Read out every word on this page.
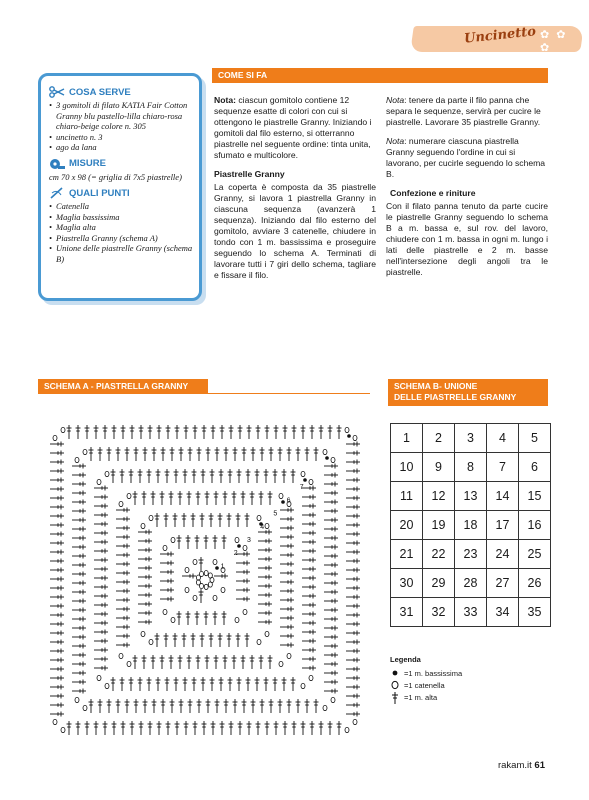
Uncinetto ✿ ✿ ✿
COSA SERVE
• 3 gomitoli di filato KATIA Fair Cotton Granny blu pastello-lilla chiaro-rosa chiaro-beige colore n. 305
• uncinetto n. 3
• ago da lana
MISURE
cm 70 x 98 (= griglia di 7x5 piastrelle)
QUALI PUNTI
• Catenella
• Maglia bassissima
• Maglia alta
• Piastrella Granny (schema A)
• Unione delle piastrelle Granny (schema B)
COME SI FA

Nota: ciascun gomitolo contiene 12 sequenze esatte di colori con cui si ottengono le piastrelle Granny. Iniziando i gomitoli dal filo esterno, si otterranno piastrelle nel seguente ordine: tinta unita, sfumato e multicolore.

Piastrelle Granny

La coperta è composta da 35 piastrelle Granny, si lavora 1 piastrella Granny in ciascuna sequenza (avanzerà 1 sequenza). Iniziando dal filo esterno del gomitolo, avviare 3 catenelle, chiudere in tondo con 1 m. bassissima e proseguire seguendo lo schema A. Terminati di lavorare tutti i 7 giri dello schema, tagliare e fissare il filo.

Nota: tenere da parte il filo panna che separa le sequenze, servirà per cucire le piastrelle. Lavorare 35 piastrelle Granny.

Nota: numerare ciascuna piastrella Granny seguendo l'ordine in cui si lavorano, per cucirle seguendo lo schema B.

Confezione e riniture

Con il filato panna tenuto da parte cucire le piastrelle Granny seguendo lo schema B a m. bassa e, sul rov. del lavoro, chiudere con 1 m. bassa in ogni m. lungo i lati delle piastrelle e 2 m. basse nell'intersezione degli angoli tra le piastrelle.

SCHEMA A - PIASTRELLA GRANNY
1
2
3
4
5
6
7
SCHEMA B- UNIONE
DELLE PIASTRELLE GRANNY
1	2	3	4	5
10	9	8	7	6
11	12	13	14	15
20	19	18	17	16
21	22	23	24	25
30	29	28	27	26
31	32	33	34	35
Legenda
=1 m. bassissima
=1 catenella
=1 m. alta
rakam.it 61
